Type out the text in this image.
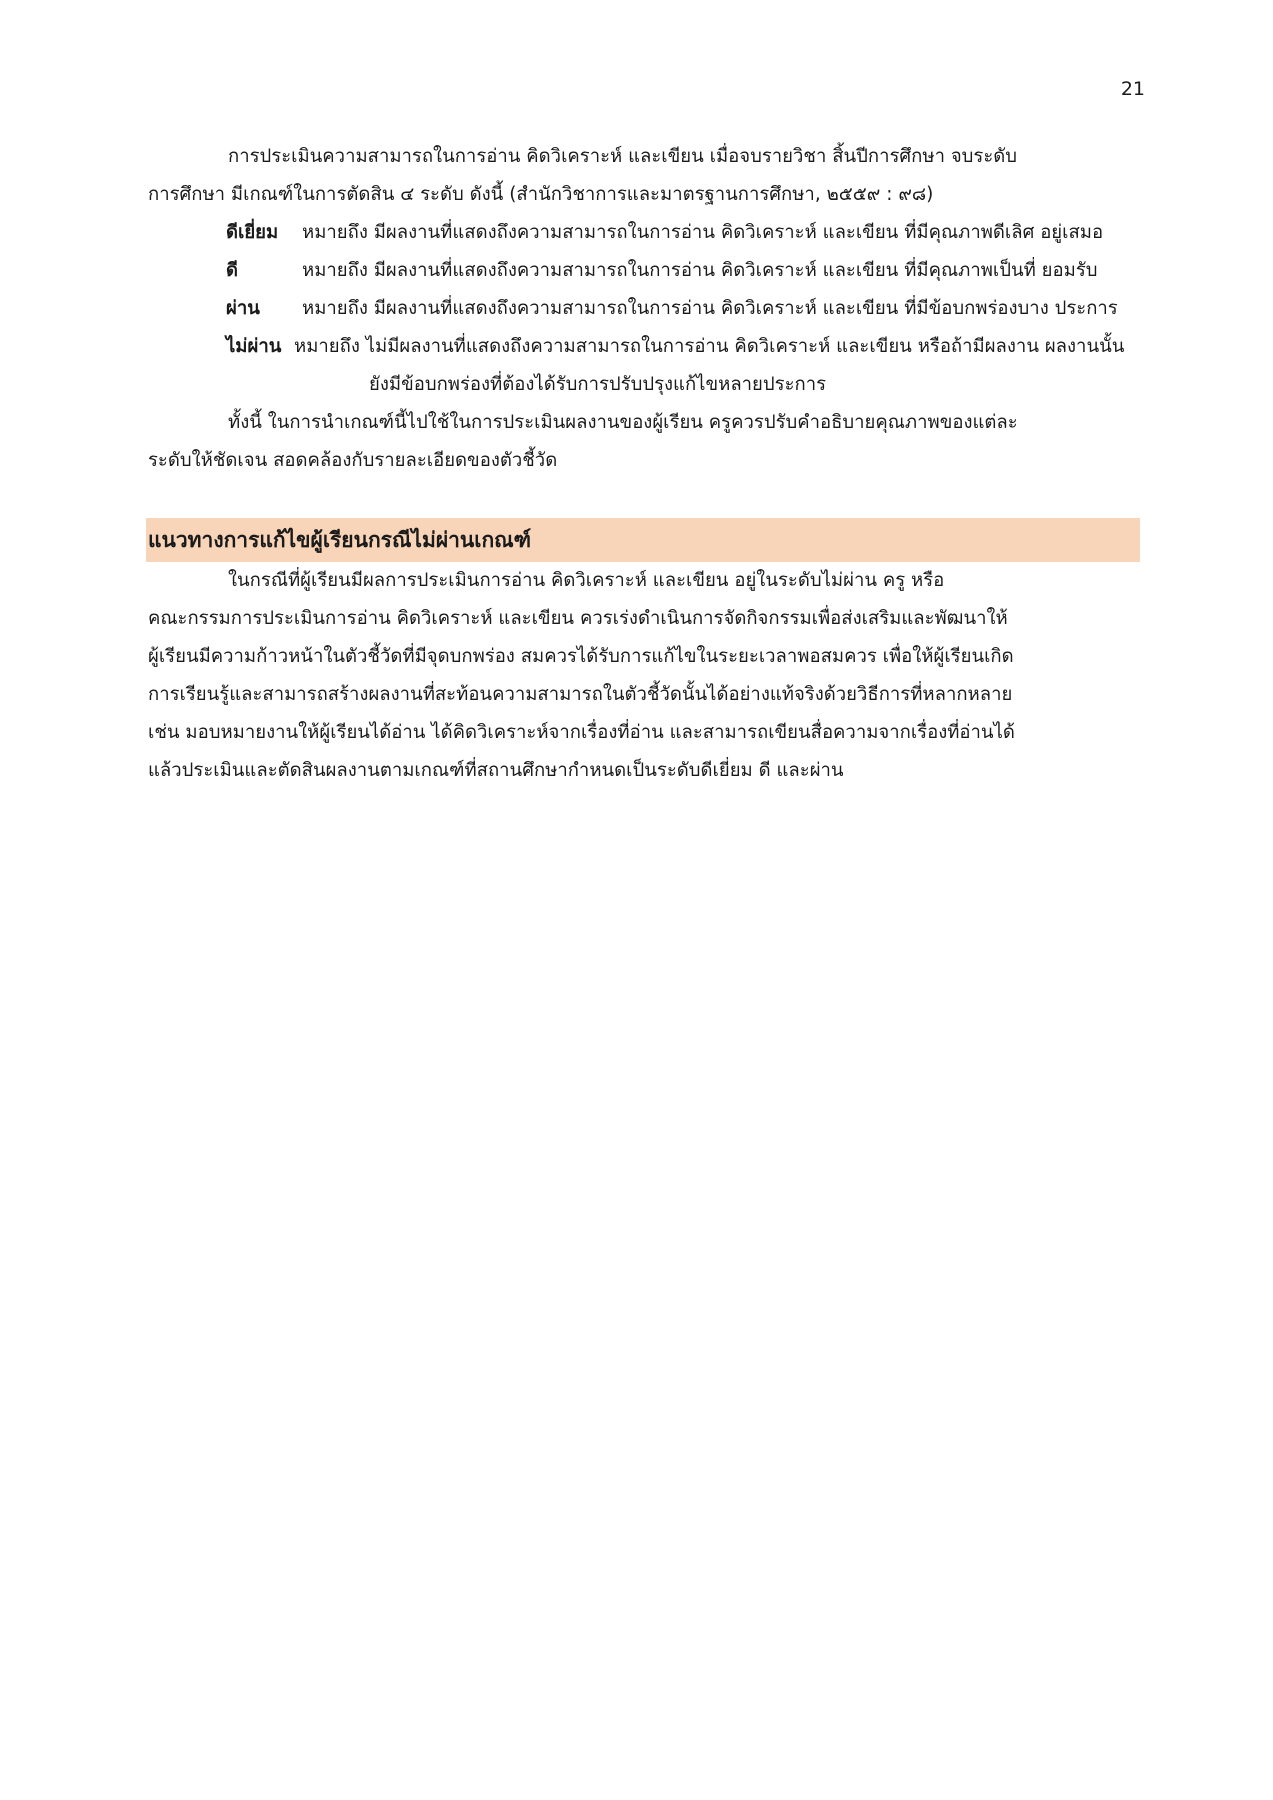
21
การประเมินความสามารถในการอ่าน คิดวิเคราะห์ และเขียน เมื่อจบรายวิชา สิ้นปีการศึกษา จบระดับ
การศึกษา มีเกณฑ์ในการตัดสิน ๔ ระดับ ดังนี้ (สำนักวิชาการและมาตรฐานการศึกษา, ๒๕๕๙ : ๙๘)
ดีเยี่ยม	หมายถึง มีผลงานที่แสดงถึงความสามารถในการอ่าน คิดวิเคราะห์ และเขียน ที่มีคุณภาพดีเลิศ อยู่เสมอ
ดี	หมายถึง มีผลงานที่แสดงถึงความสามารถในการอ่าน คิดวิเคราะห์ และเขียน ที่มีคุณภาพเป็นที่ ยอมรับ
ผ่าน	หมายถึง มีผลงานที่แสดงถึงความสามารถในการอ่าน คิดวิเคราะห์ และเขียน ที่มีข้อบกพร่องบาง ประการ
ไม่ผ่าน หมายถึง ไม่มีผลงานที่แสดงถึงความสามารถในการอ่าน คิดวิเคราะห์ และเขียน หรือถ้ามีผลงาน ผลงานนั้น ยังมีข้อบกพร่องที่ต้องได้รับการปรับปรุงแก้ไขหลายประการ
ทั้งนี้ ในการนำเกณฑ์นี้ไปใช้ในการประเมินผลงานของผู้เรียน ครูควรปรับคำอธิบายคุณภาพของแต่ละ
ระดับให้ชัดเจน สอดคล้องกับรายละเอียดของตัวชี้วัด
แนวทางการแก้ไขผู้เรียนกรณีไม่ผ่านเกณฑ์
ในกรณีที่ผู้เรียนมีผลการประเมินการอ่าน คิดวิเคราะห์ และเขียน อยู่ในระดับไม่ผ่าน ครู หรือ
คณะกรรมการประเมินการอ่าน คิดวิเคราะห์ และเขียน ควรเร่งดำเนินการจัดกิจกรรมเพื่อส่งเสริมและพัฒนาให้
ผู้เรียนมีความก้าวหน้าในตัวชี้วัดที่มีจุดบกพร่อง สมควรได้รับการแก้ไขในระยะเวลาพอสมควร เพื่อให้ผู้เรียนเกิด
การเรียนรู้และสามารถสร้างผลงานที่สะท้อนความสามารถในตัวชี้วัดนั้นได้อย่างแท้จริงด้วยวิธีการที่หลากหลาย
เช่น มอบหมายงานให้ผู้เรียนได้อ่าน ได้คิดวิเคราะห์จากเรื่องที่อ่าน และสามารถเขียนสื่อความจากเรื่องที่อ่านได้
แล้วประเมินและตัดสินผลงานตามเกณฑ์ที่สถานศึกษากำหนดเป็นระดับดีเยี่ยม ดี และผ่าน
